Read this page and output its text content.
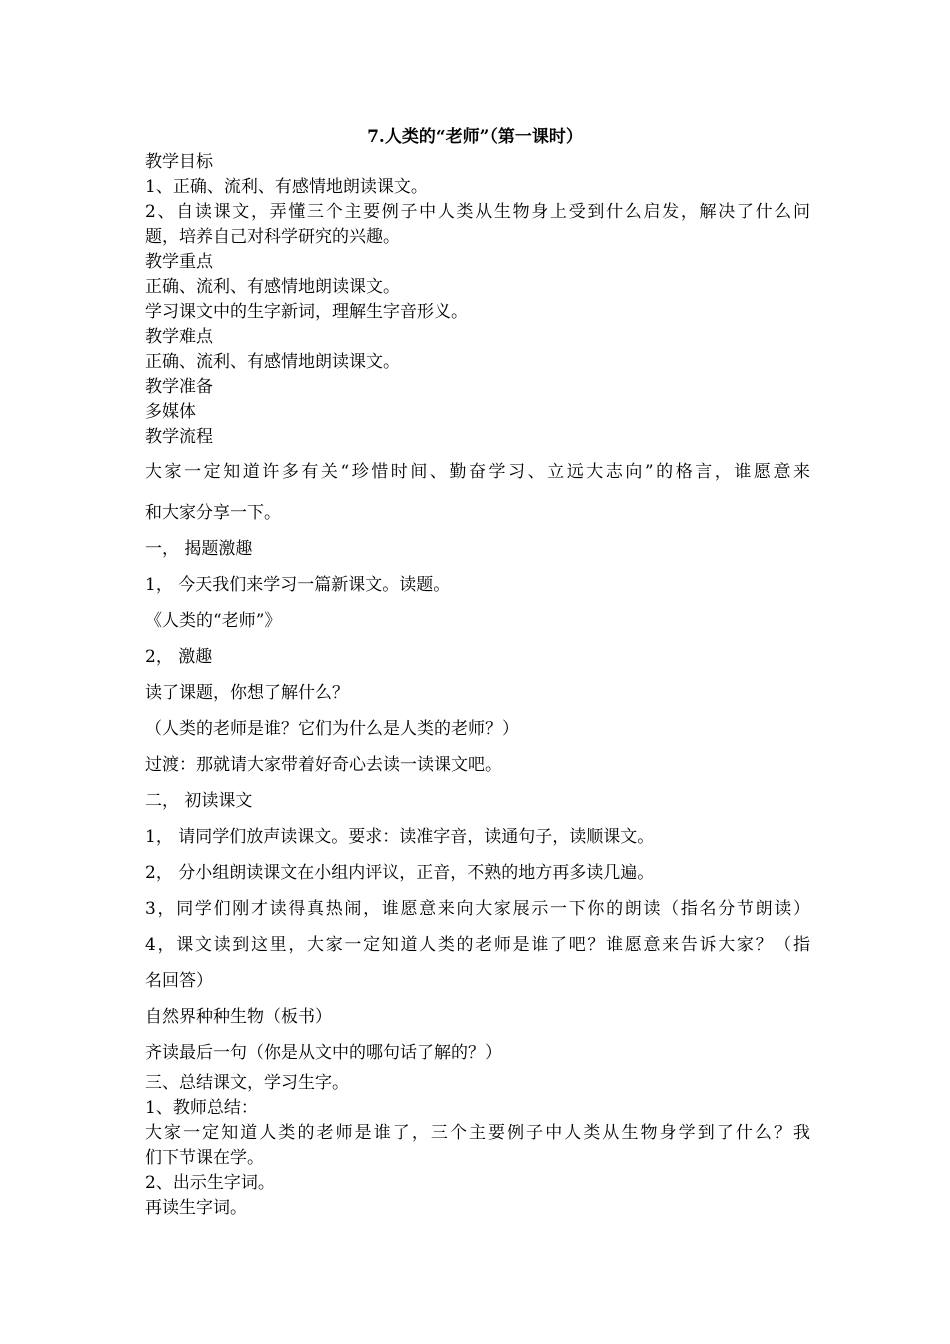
7.人类的“老师”（第一课时）
教学目标
1、正确、流利、有感情地朗读课文。
2、自读课文，弄懂三个主要例子中人类从生物身上受到什么启发，解决了什么问
题，培养自己对科学研究的兴趣。
教学重点
正确、流利、有感情地朗读课文。
学习课文中的生字新词，理解生字音形义。
教学难点
正确、流利、有感情地朗读课文。
教学准备
多媒体
教学流程
大家一定知道许多有关“珍惜时间、勤奋学习、立远大志向”的格言，谁愿意来
和大家分享一下。
一， 揭题激趣
1， 今天我们来学习一篇新课文。读题。
《人类的“老师”》
2， 激趣
读了课题，你想了解什么？
（人类的老师是谁？它们为什么是人类的老师？）
过渡：那就请大家带着好奇心去读一读课文吧。
二， 初读课文
1， 请同学们放声读课文。要求：读准字音，读通句子，读顺课文。
2， 分小组朗读课文在小组内评议，正音，不熟的地方再多读几遍。
3，同学们刚才读得真热闹，谁愿意来向大家展示一下你的朗读（指名分节朗读）
4，课文读到这里，大家一定知道人类的老师是谁了吧？谁愿意来告诉大家？（指
名回答）
自然界种种生物（板书）
齐读最后一句（你是从文中的哪句话了解的？）
三、总结课文，学习生字。
1、教师总结：
大家一定知道人类的老师是谁了，三个主要例子中人类从生物身学到了什么？我
们下节课在学。
2、出示生字词。
再读生字词。
